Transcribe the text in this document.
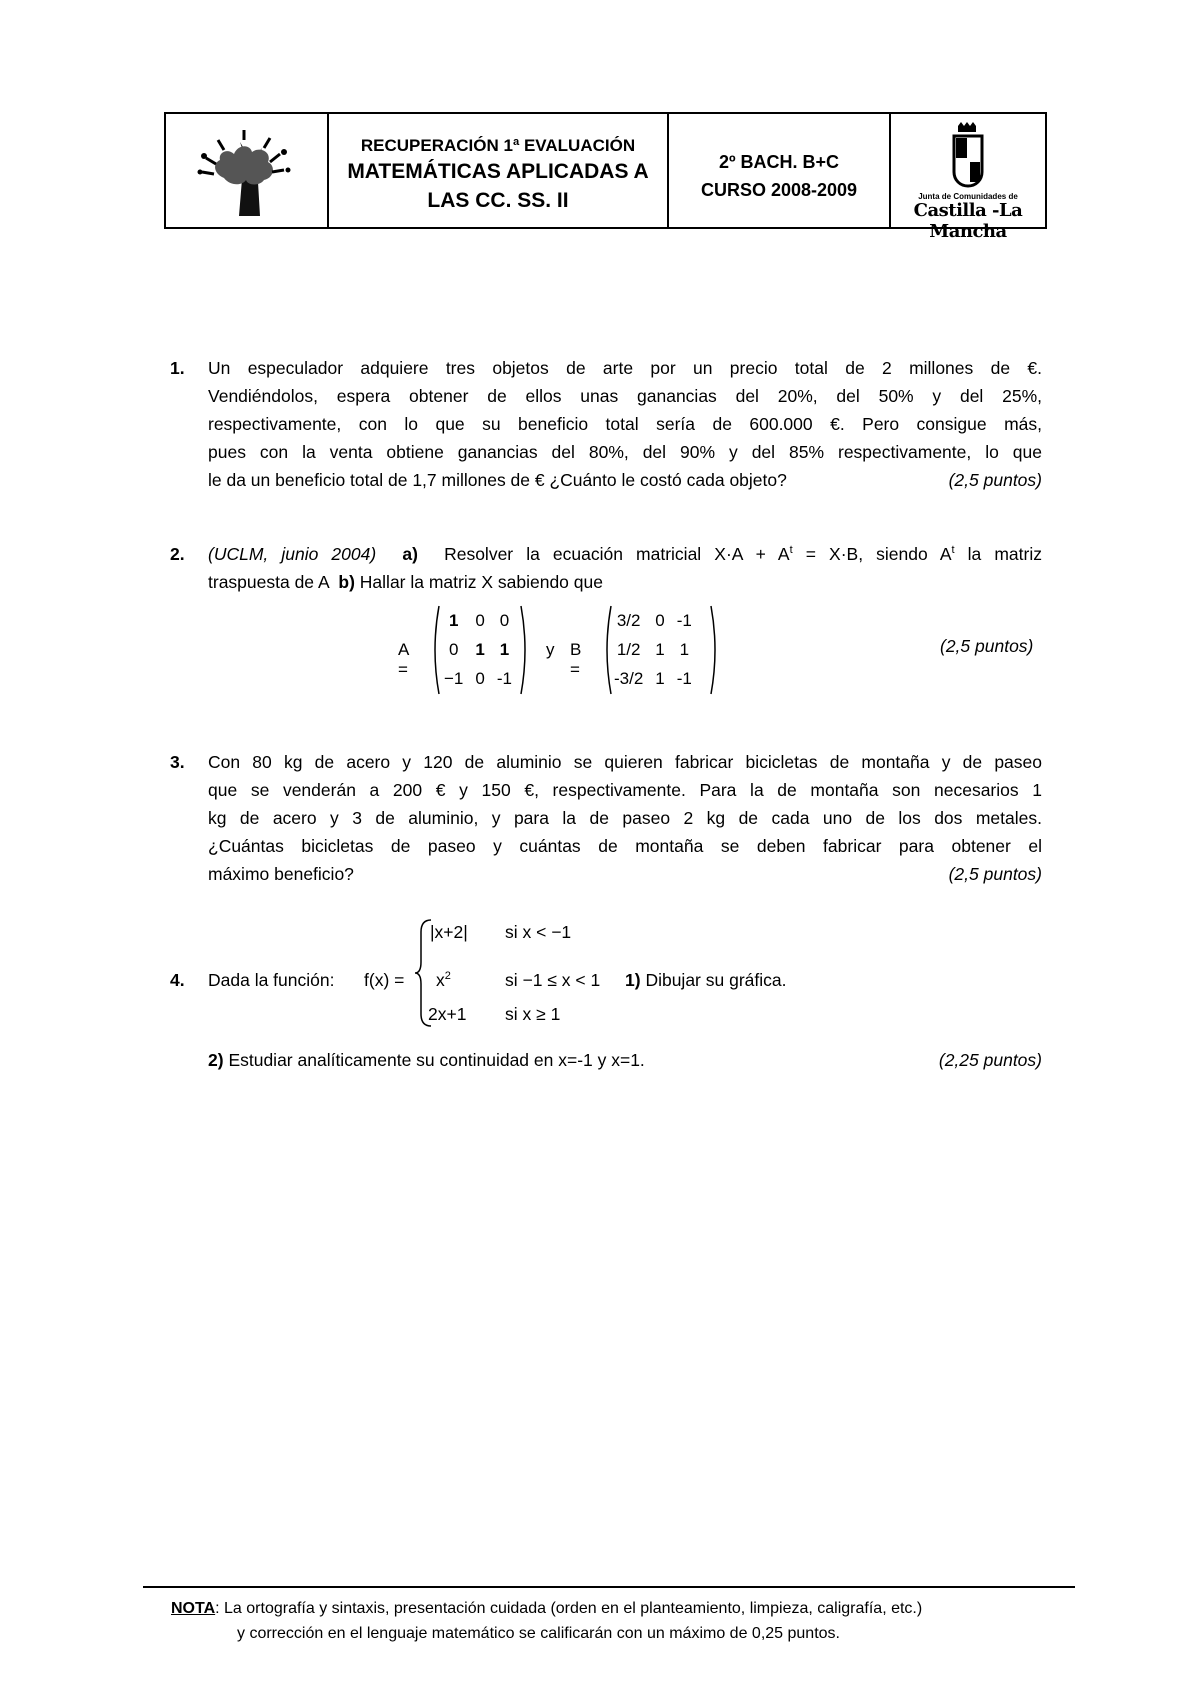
RECUPERACIÓN 1ª EVALUACIÓN
MATEMÁTICAS APLICADAS A
LAS CC. SS. II
2º BACH. B+C
CURSO 2008-2009	Junta de Comunidades de
Castilla -La Mancha
1. Un especulador adquiere tres objetos de arte por un precio total de 2 millones de €.
Vendiéndolos, espera obtener de ellos unas ganancias del 20%, del 50% y del 25%,
respectivamente, con lo que su beneficio total sería de 600.000 €. Pero consigue más,
pues con la venta obtiene ganancias del 80%, del 90% y del 85% respectivamente, lo que
le da un beneficio total de 1,7 millones de € ¿Cuánto le costó cada objeto?	(2,5 puntos)
2. (UCLM, junio 2004) a) Resolver la ecuación matricial $X\cdot A + A^t = X\cdot B$, siendo $A^t$ la matriz
traspuesta de A b) Hallar la matriz X sabiendo que
A =
1	0	0
0	1	1
−1	0	-1
y B =
3/2	0	-1
1/2	1	1
-3/2	1	-1
(2,5 puntos)
3. Con 80 kg de acero y 120 de aluminio se quieren fabricar bicicletas de montaña y de paseo
que se venderán a 200 € y 150 €, respectivamente. Para la de montaña son necesarios 1
kg de acero y 3 de aluminio, y para la de paseo 2 kg de cada uno de los dos metales.
¿Cuántas bicicletas de paseo y cuántas de montaña se deben fabricar para obtener el
máximo beneficio?	(2,5 puntos)
4. Dada la función: f(x) =
|x+2| si x < −1
$x^2$	si −1 ≤ x < 1
2x+1 si x ≥ 1
1) Dibujar su gráfica.
2) Estudiar analíticamente su continuidad en x=-1 y x=1.	(2,25 puntos)
NOTA: La ortografía y sintaxis, presentación cuidada (orden en el planteamiento, limpieza, caligrafía, etc.)
y corrección en el lenguaje matemático se calificarán con un máximo de 0,25 puntos.
